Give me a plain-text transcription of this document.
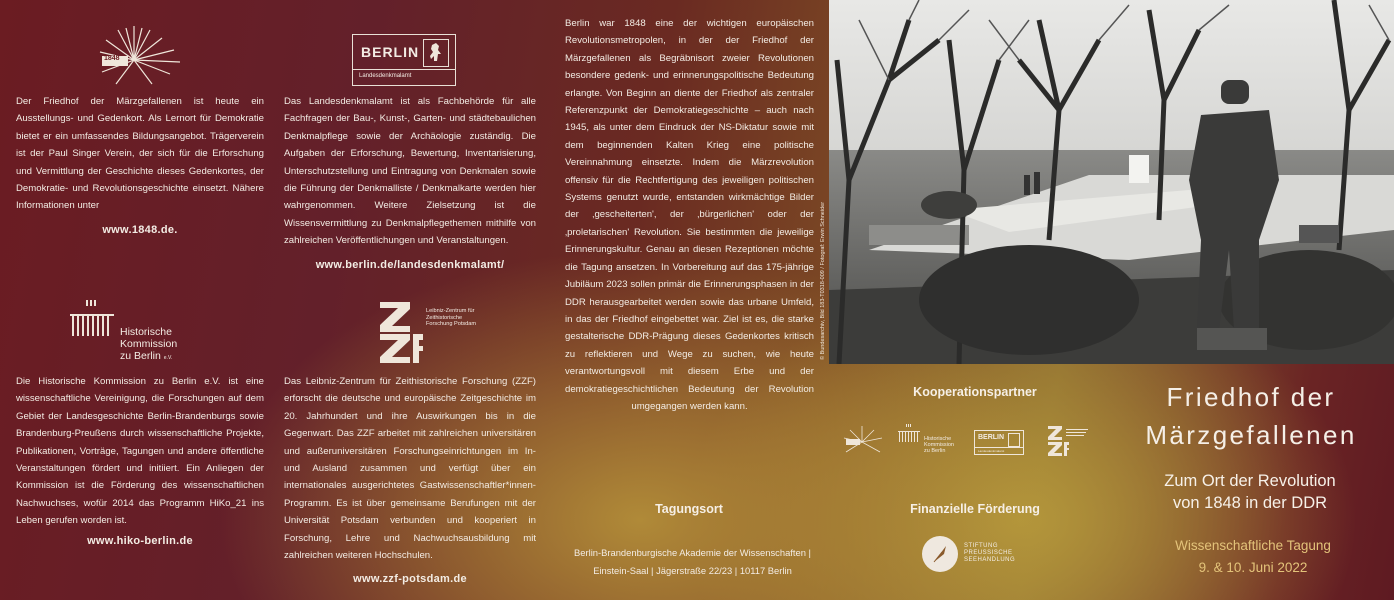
1848

Der Friedhof der Märzgefallenen ist heute ein Ausstellungs- und Gedenkort. Als Lernort für Demokratie bietet er ein umfassendes Bildungsangebot. Trägerverein ist der Paul Singer Verein, der sich für die Erforschung und Vermittlung der Geschichte dieses Gedenkortes, der Demokratie- und Revolutionsgeschichte einsetzt. Nähere Informationen unter

www.1848.de.
Historische
Kommission
zu Berlin e.V.

Die Historische Kommission zu Berlin e.V. ist eine wissenschaftliche Vereinigung, die Forschungen auf dem Gebiet der Landesgeschichte Berlin-Brandenburgs sowie Brandenburg-Preußens durch wissenschaftliche Projekte, Publikationen, Vorträge, Tagungen und andere öffentliche Veranstaltungen fördert und initiiert. Ein Anliegen der Kommission ist die Förderung des wissenschaftlichen Nachwuchses, wofür 2014 das Programm HiKo_21 ins Leben gerufen worden ist.

www.hiko-berlin.de
BERLIN
Landesdenkmalamt

Das Landesdenkmalamt ist als Fachbehörde für alle Fachfragen der Bau-, Kunst-, Garten- und städtebaulichen Denkmalpflege sowie der Archäologie zuständig. Die Aufgaben der Erforschung, Bewertung, Inventarisierung, Unterschutzstellung und Eintragung von Denkmalen sowie die Führung der Denkmalliste / Denkmalkarte werden hier wahrgenommen. Weitere Zielsetzung ist die Wissensvermittlung zu Denkmalpflegethemen mithilfe von zahlreichen Veröffentlichungen und Veranstaltungen.

www.berlin.de/landesdenkmalamt/
Leibniz-Zentrum für Zeithistorische Forschung Potsdam

Das Leibniz-Zentrum für Zeithistorische Forschung (ZZF) erforscht die deutsche und europäische Zeitgeschichte im 20. Jahrhundert und ihre Auswirkungen bis in die Gegenwart. Das ZZF arbeitet mit zahlreichen universitären und außeruniversitären Forschungseinrichtungen im In- und Ausland zusammen und verfügt über ein internationales ausgerichtetes Gastwissenschaftler*innen-Programm. Es ist über gemeinsame Berufungen mit der Universität Potsdam verbunden und kooperiert in Forschung, Lehre und Nachwuchsausbildung mit zahlreichen weiteren Hochschulen.

www.zzf-potsdam.de

Berlin war 1848 eine der wichtigen europäischen Revolutionsmetropolen, in der der Friedhof der Märzgefallenen als Begräbnisort zweier Revolutionen besondere gedenk- und erinnerungspolitische Bedeutung erlangte. Von Beginn an diente der Friedhof als zentraler Referenzpunkt der Demokratiegeschichte – auch nach 1945, als unter dem Eindruck der NS-Diktatur sowie mit dem beginnenden Kalten Krieg eine politische Vereinnahmung einsetzte. Indem die Märzrevolution offensiv für die Rechtfertigung des jeweiligen politischen Systems genutzt wurde, entstanden wirkmächtige Bilder der ‚gescheiterten', der ‚bürgerlichen' oder der ‚proletarischen' Revolution. Sie bestimmten die jeweilige Erinnerungskultur. Genau an diesen Rezeptionen möchte die Tagung ansetzen. In Vorbereitung auf das 175-jährige Jubiläum 2023 sollen primär die Erinnerungsphasen in der DDR herausgearbeitet werden sowie das urbane Umfeld, in das der Friedhof eingebettet war. Ziel ist es, die starke gestalterische DDR-Prägung dieses Gedenkortes kritisch zu reflektieren und Wege zu suchen, wie heute verantwortungsvoll mit diesem Erbe und der demokratiegeschichtlichen Bedeutung der Revolution umgegangen werden kann.

Tagungsort
Berlin-Brandenburgische Akademie der Wissenschaften |
Einstein-Saal | Jägerstraße 22/23 | 10117 Berlin
© Bundesarchiv, Bild 183-T0318-009 / Fotograf: Erwin Schneider
Kooperationspartner
Historische
Kommission
zu Berlin
BERLIN
Landesdenkmalamt
Finanzielle Förderung
STIFTUNG
PREUSSISCHE
SEEHANDLUNG
Friedhof der
Märzgefallenen
Zum Ort der Revolution
von 1848 in der DDR
Wissenschaftliche Tagung
9. & 10. Juni 2022
